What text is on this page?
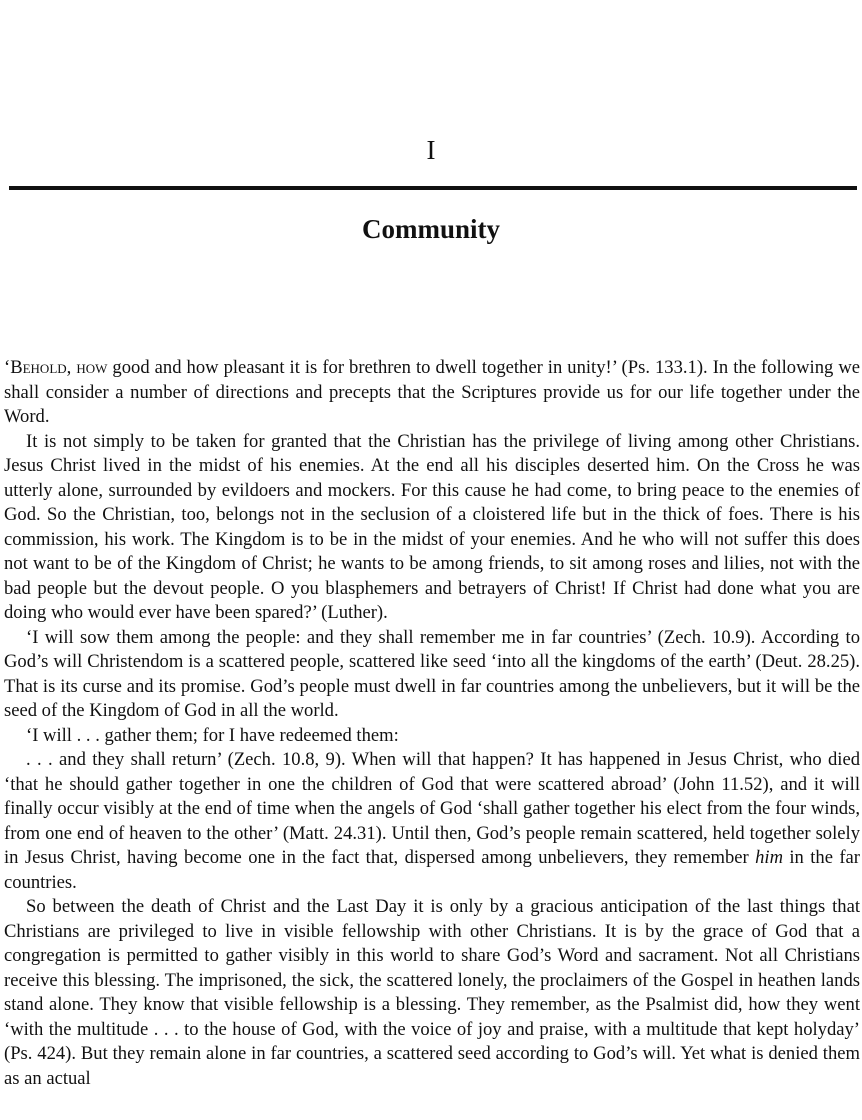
I
Community

‘Behold, how good and how pleasant it is for brethren to dwell together in unity!’ (Ps. 133.1). In the following we shall consider a number of directions and precepts that the Scriptures provide us for our life together under the Word.

It is not simply to be taken for granted that the Christian has the privilege of living among other Christians. Jesus Christ lived in the midst of his enemies. At the end all his disciples deserted him. On the Cross he was utterly alone, surrounded by evildoers and mockers. For this cause he had come, to bring peace to the enemies of God. So the Christian, too, belongs not in the seclusion of a cloistered life but in the thick of foes. There is his commission, his work. The Kingdom is to be in the midst of your enemies. And he who will not suffer this does not want to be of the Kingdom of Christ; he wants to be among friends, to sit among roses and lilies, not with the bad people but the devout people. O you blasphemers and betrayers of Christ! If Christ had done what you are doing who would ever have been spared?’ (Luther).

‘I will sow them among the people: and they shall remember me in far countries’ (Zech. 10.9). According to God’s will Christendom is a scattered people, scattered like seed ‘into all the kingdoms of the earth’ (Deut. 28.25). That is its curse and its promise. God’s people must dwell in far countries among the unbelievers, but it will be the seed of the Kingdom of God in all the world.

‘I will . . . gather them; for I have redeemed them:

. . . and they shall return’ (Zech. 10.8, 9). When will that happen? It has happened in Jesus Christ, who died ‘that he should gather together in one the children of God that were scattered abroad’ (John 11.52), and it will finally occur visibly at the end of time when the angels of God ‘shall gather together his elect from the four winds, from one end of heaven to the other’ (Matt. 24.31). Until then, God’s people remain scattered, held together solely in Jesus Christ, having become one in the fact that, dispersed among unbelievers, they remember him in the far countries.

So between the death of Christ and the Last Day it is only by a gracious anticipation of the last things that Christians are privileged to live in visible fellowship with other Christians. It is by the grace of God that a congregation is permitted to gather visibly in this world to share God’s Word and sacrament. Not all Christians receive this blessing. The imprisoned, the sick, the scattered lonely, the proclaimers of the Gospel in heathen lands stand alone. They know that visible fellowship is a blessing. They remember, as the Psalmist did, how they went ‘with the multitude . . . to the house of God, with the voice of joy and praise, with a multitude that kept holyday’ (Ps. 424). But they remain alone in far countries, a scattered seed according to God’s will. Yet what is denied them as an actual
